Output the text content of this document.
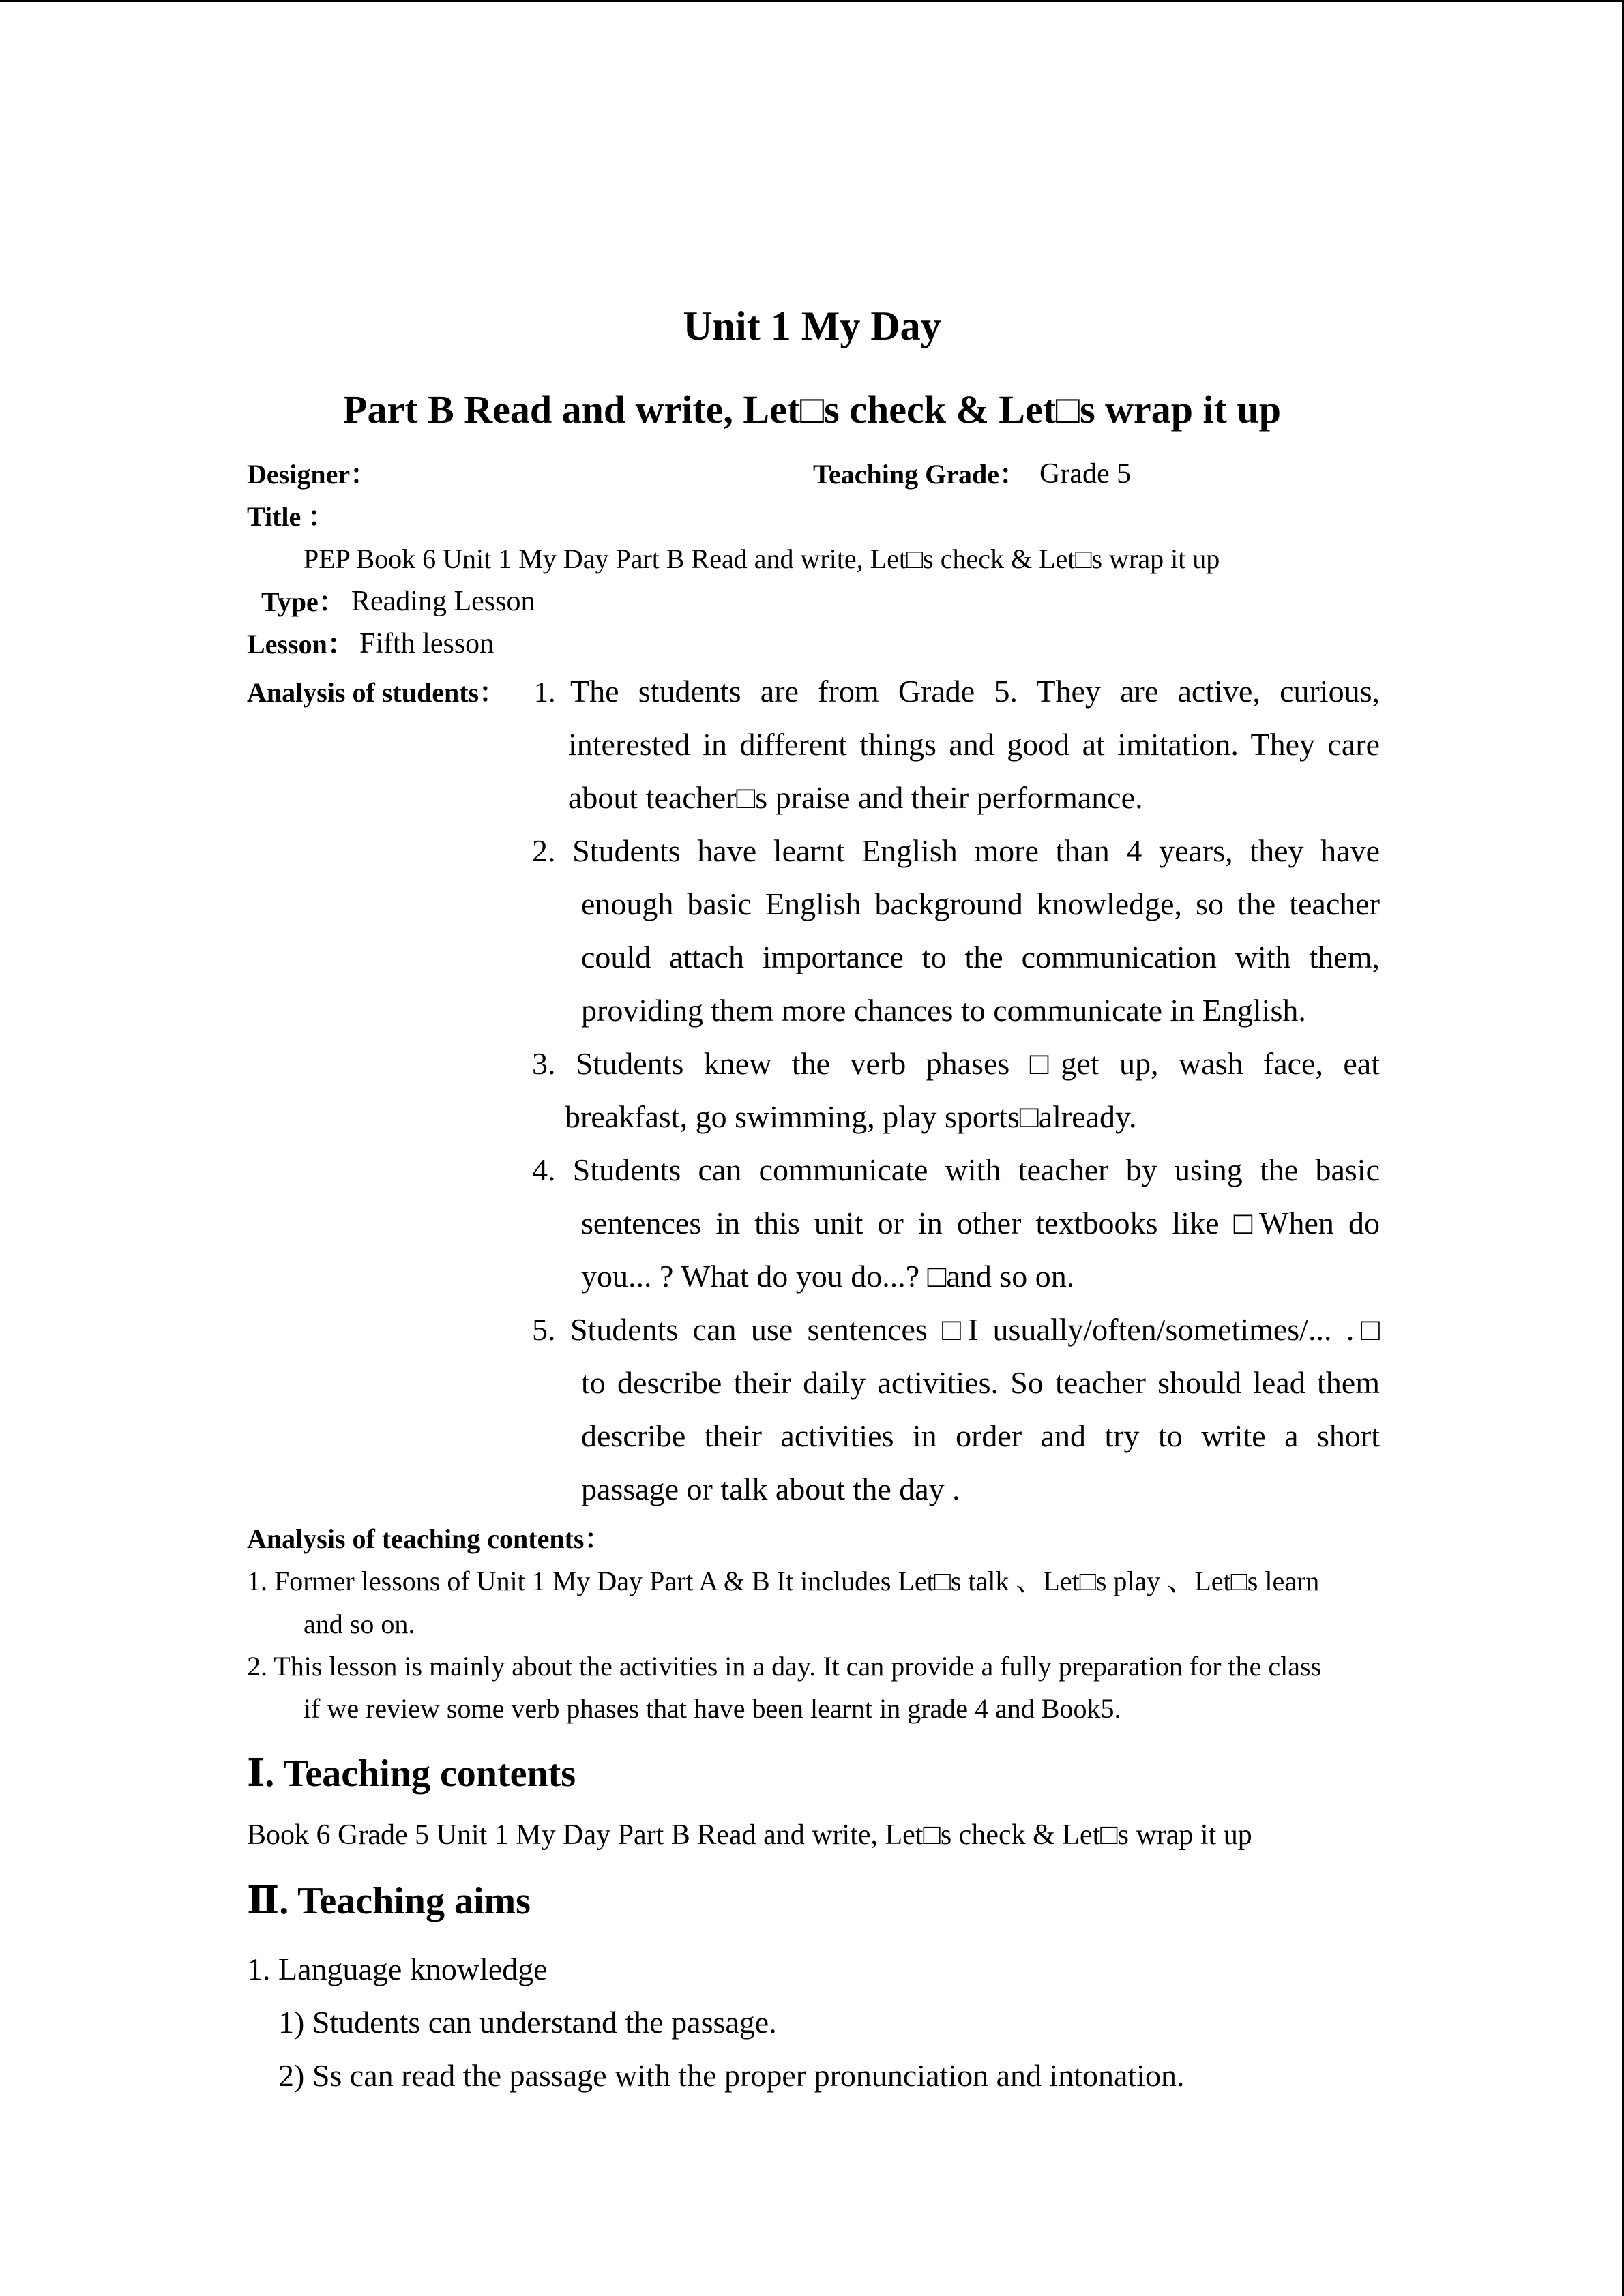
Unit 1 My Day
Part B Read and write, Let□s check & Let□s wrap it up
Designer：	Teaching Grade： Grade 5
Title ：
PEP Book 6 Unit 1 My Day Part B Read and write, Let□s check & Let□s wrap it up
Type： Reading Lesson
Lesson： Fifth lesson
Analysis of students： 1. The students are from Grade 5. They are active, curious,
interested in different things and good at imitation. They care
about teacher□s praise and their performance.
2. Students have learnt English more than 4 years, they have
enough basic English background knowledge, so the teacher
could attach importance to the communication with them,
providing them more chances to communicate in English.
3. Students knew the verb phases □get up, wash face, eat
breakfast, go swimming, play sports□already.
4. Students can communicate with teacher by using the basic
sentences in this unit or in other textbooks like □When do
you... ? What do you do...? □and so on.
5. Students can use sentences □I usually/often/sometimes/... .□
to describe their daily activities. So teacher should lead them
describe their activities in order and try to write a short
passage or talk about the day .
Analysis of teaching contents：
1. Former lessons of Unit 1 My Day Part A & B It includes Let□s talk 、Let□s play 、Let□s learn
and so on.
2. This lesson is mainly about the activities in a day. It can provide a fully preparation for the class
if we review some verb phases that have been learnt in grade 4 and Book5.
Ⅰ. Teaching contents
Book 6 Grade 5 Unit 1 My Day Part B Read and write, Let□s check & Let□s wrap it up
Ⅱ. Teaching aims
1. Language knowledge
1) Students can understand the passage.
2) Ss can read the passage with the proper pronunciation and intonation.
